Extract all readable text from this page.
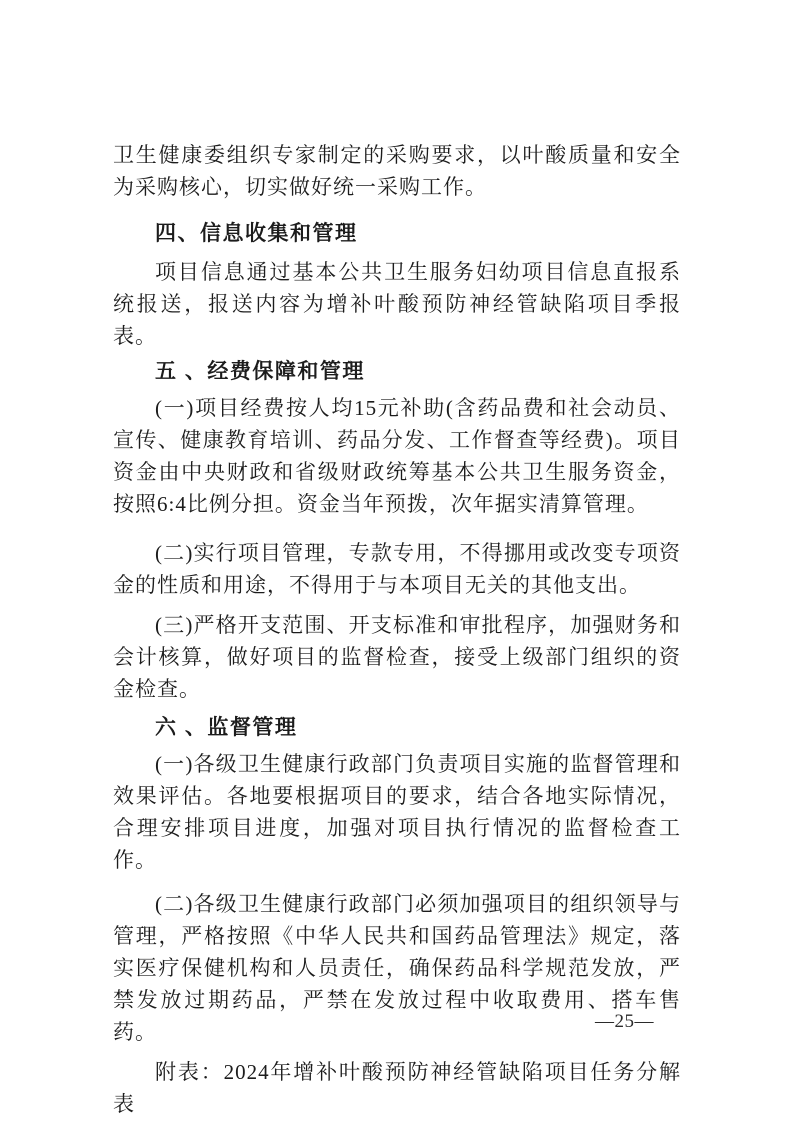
卫生健康委组织专家制定的采购要求，以叶酸质量和安全为采购核心，切实做好统一采购工作。

四、信息收集和管理

项目信息通过基本公共卫生服务妇幼项目信息直报系统报送，报送内容为增补叶酸预防神经管缺陷项目季报表。

五 、经费保障和管理

(一)项目经费按人均15元补助(含药品费和社会动员、宣传、健康教育培训、药品分发、工作督查等经费)。项目资金由中央财政和省级财政统筹基本公共卫生服务资金，按照6:4比例分担。资金当年预拨，次年据实清算管理。

(二)实行项目管理，专款专用，不得挪用或改变专项资金的性质和用途，不得用于与本项目无关的其他支出。

(三)严格开支范围、开支标准和审批程序，加强财务和会计核算，做好项目的监督检查，接受上级部门组织的资金检查。

六 、监督管理

(一)各级卫生健康行政部门负责项目实施的监督管理和效果评估。各地要根据项目的要求，结合各地实际情况，合理安排项目进度，加强对项目执行情况的监督检查工作。

(二)各级卫生健康行政部门必须加强项目的组织领导与管理，严格按照《中华人民共和国药品管理法》规定，落实医疗保健机构和人员责任，确保药品科学规范发放，严禁发放过期药品，严禁在发放过程中收取费用、搭车售药。

附表：2024年增补叶酸预防神经管缺陷项目任务分解表

—25—
